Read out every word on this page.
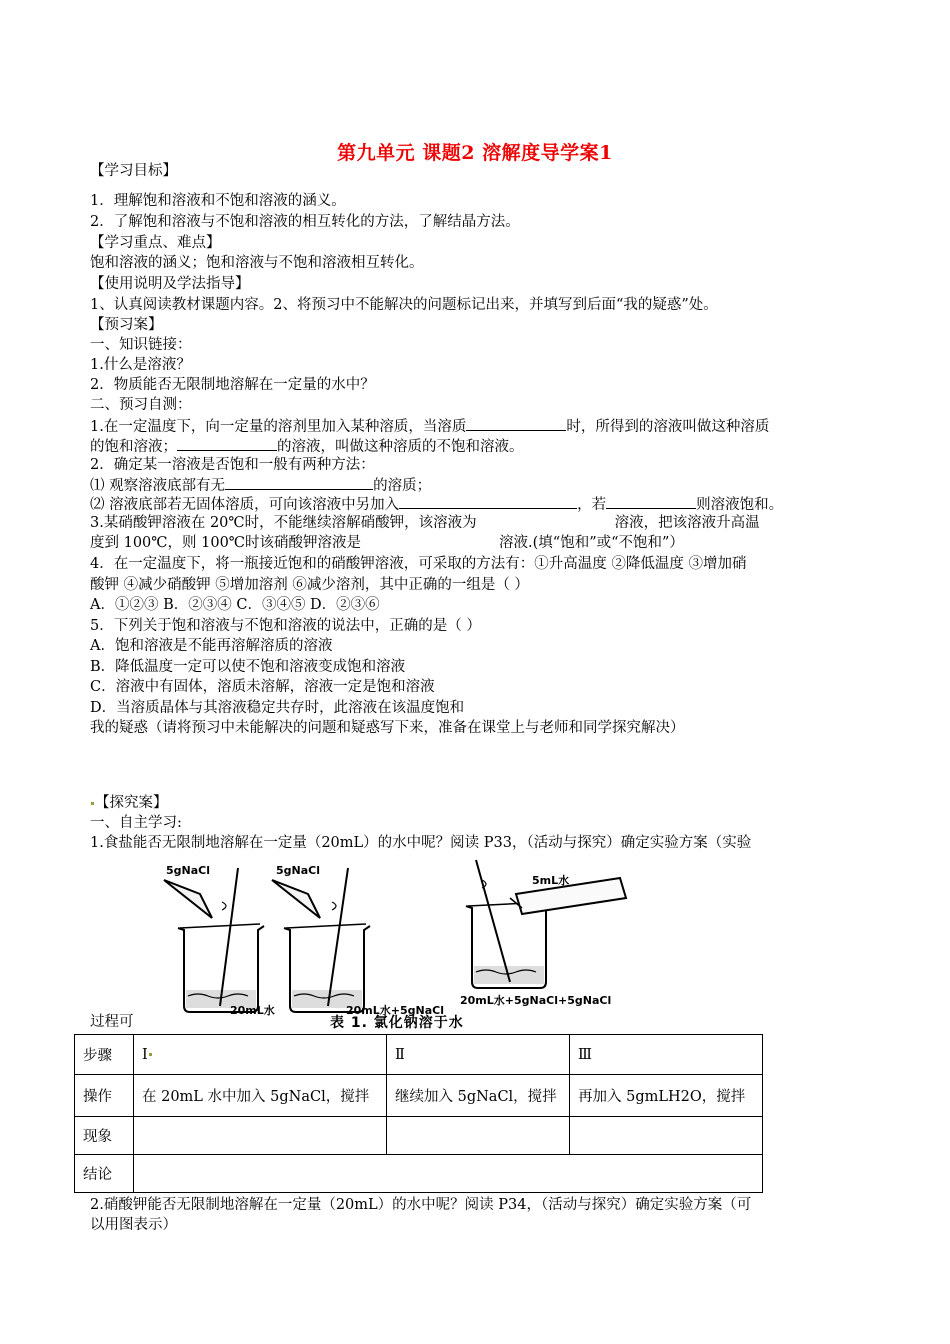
第九单元 课题2 溶解度导学案1
【学习目标】
1．理解饱和溶液和不饱和溶液的涵义。
2．了解饱和溶液与不饱和溶液的相互转化的方法，了解结晶方法。
【学习重点、难点】
饱和溶液的涵义；饱和溶液与不饱和溶液相互转化。
【使用说明及学法指导】
1、认真阅读教材课题内容。2、将预习中不能解决的问题标记出来，并填写到后面“我的疑惑”处。
【预习案】
一、知识链接：
1.什么是溶液？
2．物质能否无限制地溶解在一定量的水中？
二、预习自测：
1.在一定温度下，向一定量的溶剂里加入某种溶质，当溶质	时，所得到的溶液叫做这种溶质
的饱和溶液；	的溶液，叫做这种溶质的不饱和溶液。
2．确定某一溶液是否饱和一般有两种方法：
⑴ 观察溶液底部有无	的溶质；
⑵ 溶液底部若无固体溶质，可向该溶液中另加入	，若	则溶液饱和。
3.某硝酸钾溶液在 20℃时，不能继续溶解硝酸钾，该溶液为	溶液，把该溶液升高温
度到 100℃，则 100℃时该硝酸钾溶液是	溶液.(填“饱和”或“不饱和”）
4．在一定温度下，将一瓶接近饱和的硝酸钾溶液，可采取的方法有：①升高温度 ②降低温度 ③增加硝
酸钾 ④减少硝酸钾 ⑤增加溶剂 ⑥减少溶剂，其中正确的一组是（ ）
A．①②③ B．②③④ C．③④⑤ D．②③⑥
5．下列关于饱和溶液与不饱和溶液的说法中，正确的是（ ）
A．饱和溶液是不能再溶解溶质的溶液
B．降低温度一定可以使不饱和溶液变成饱和溶液
C．溶液中有固体，溶质未溶解，溶液一定是饱和溶液
D．当溶质晶体与其溶液稳定共存时，此溶液在该温度饱和
我的疑惑（请将预习中未能解决的问题和疑惑写下来，准备在课堂上与老师和同学探究解决）
【探究案】
一、自主学习:
1.食盐能否无限制地溶解在一定量（20mL）的水中呢？阅读 P33，（活动与探究）确定实验方案（实验
5gNaCl
20mL水
5gNaCl
20mL水+5gNaCl
5mL水
20mL水+5gNaCl+5gNaCl
过程可	表 1. 氯化钠溶于水
步骤	Ⅰ	Ⅱ	Ⅲ
操作	在 20mL 水中加入 5gNaCl，搅拌	继续加入 5gNaCl，搅拌	再加入 5gmLH2O，搅拌
现象			
结论			
2.硝酸钾能否无限制地溶解在一定量（20mL）的水中呢？阅读 P34，（活动与探究）确定实验方案（可
以用图表示）
